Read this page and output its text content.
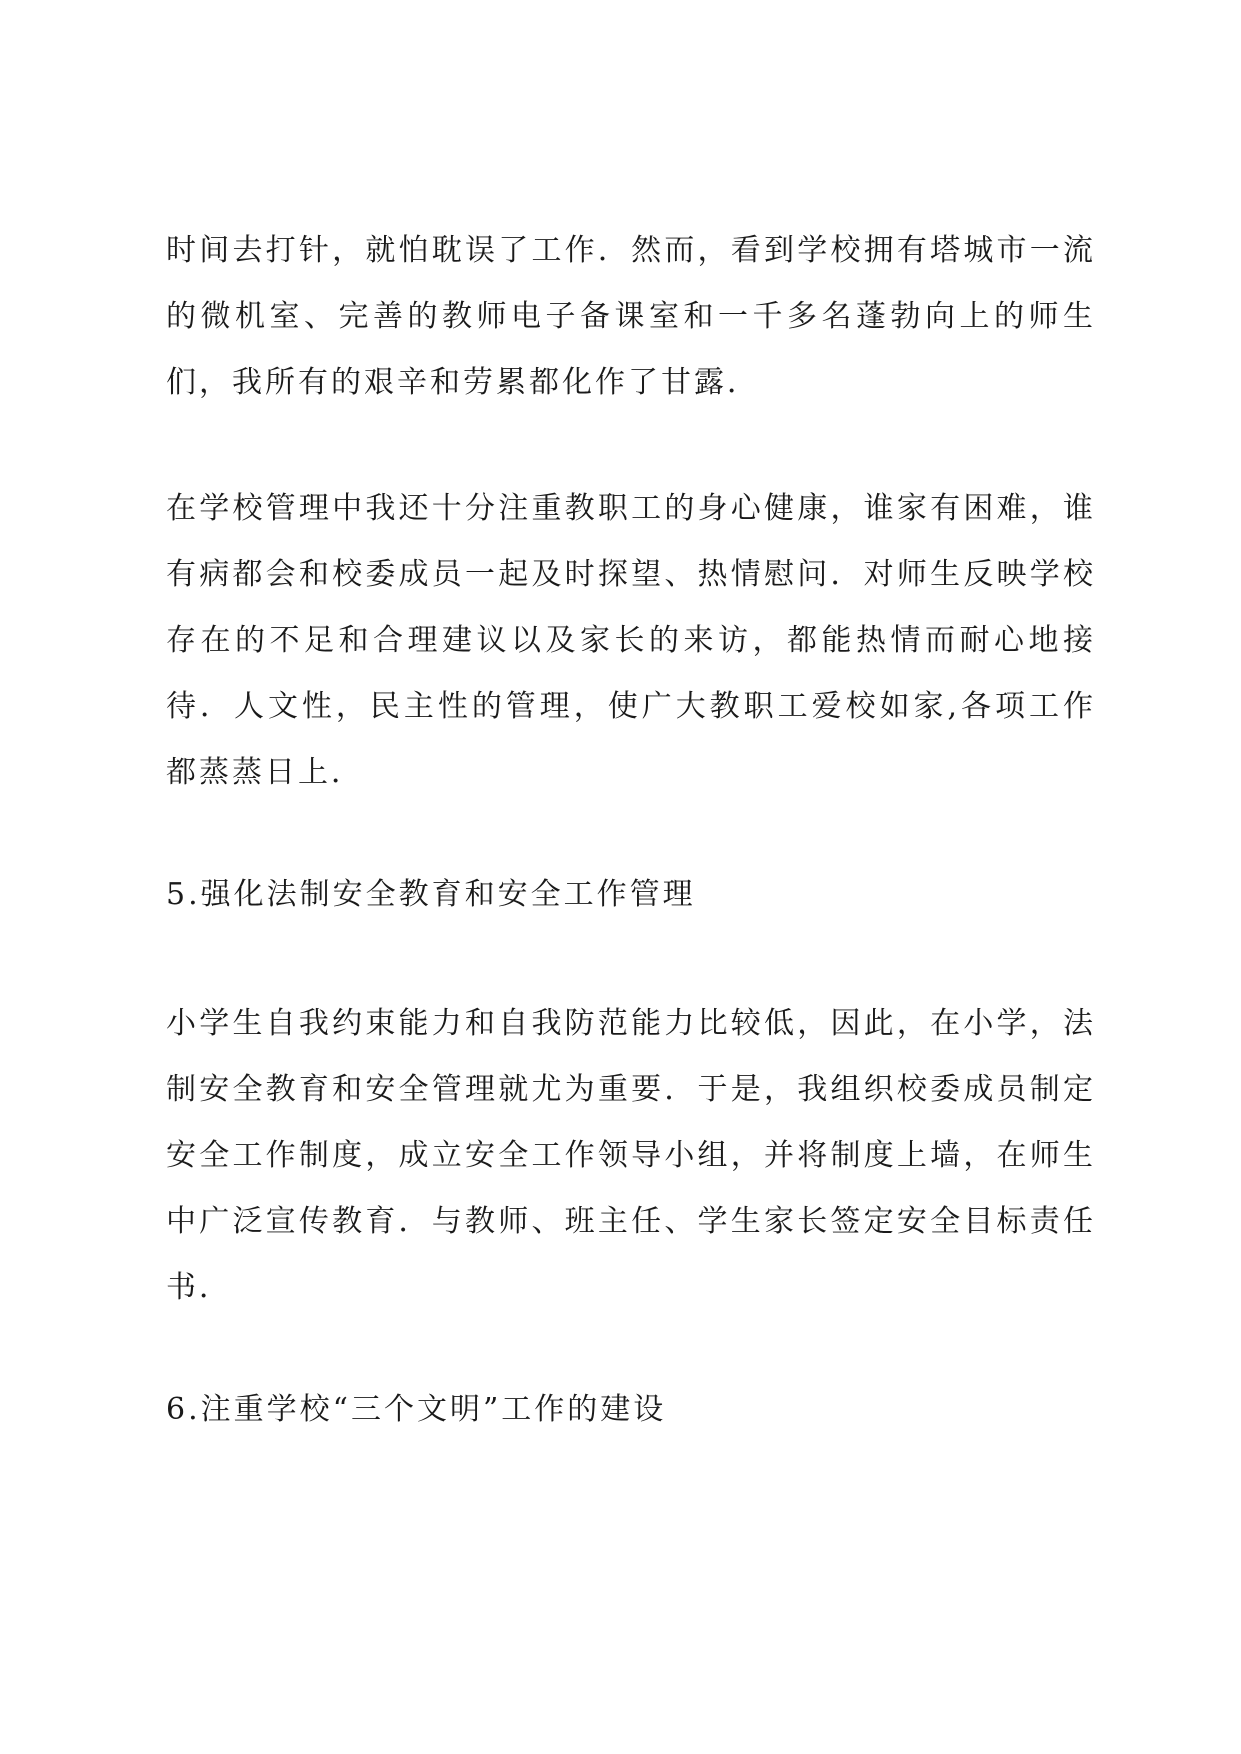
时间去打针，就怕耽误了工作．然而，看到学校拥有塔城市一流
的微机室、完善的教师电子备课室和一千多名蓬勃向上的师生
们，我所有的艰辛和劳累都化作了甘露．
在学校管理中我还十分注重教职工的身心健康，谁家有困难，谁
有病都会和校委成员一起及时探望、热情慰问．对师生反映学校
存在的不足和合理建议以及家长的来访，都能热情而耐心地接
待．人文性，民主性的管理，使广大教职工爱校如家,各项工作
都蒸蒸日上．
5.强化法制安全教育和安全工作管理
小学生自我约束能力和自我防范能力比较低，因此，在小学，法
制安全教育和安全管理就尤为重要．于是，我组织校委成员制定
安全工作制度，成立安全工作领导小组，并将制度上墙，在师生
中广泛宣传教育．与教师、班主任、学生家长签定安全目标责任
书．
6.注重学校“三个文明”工作的建设
